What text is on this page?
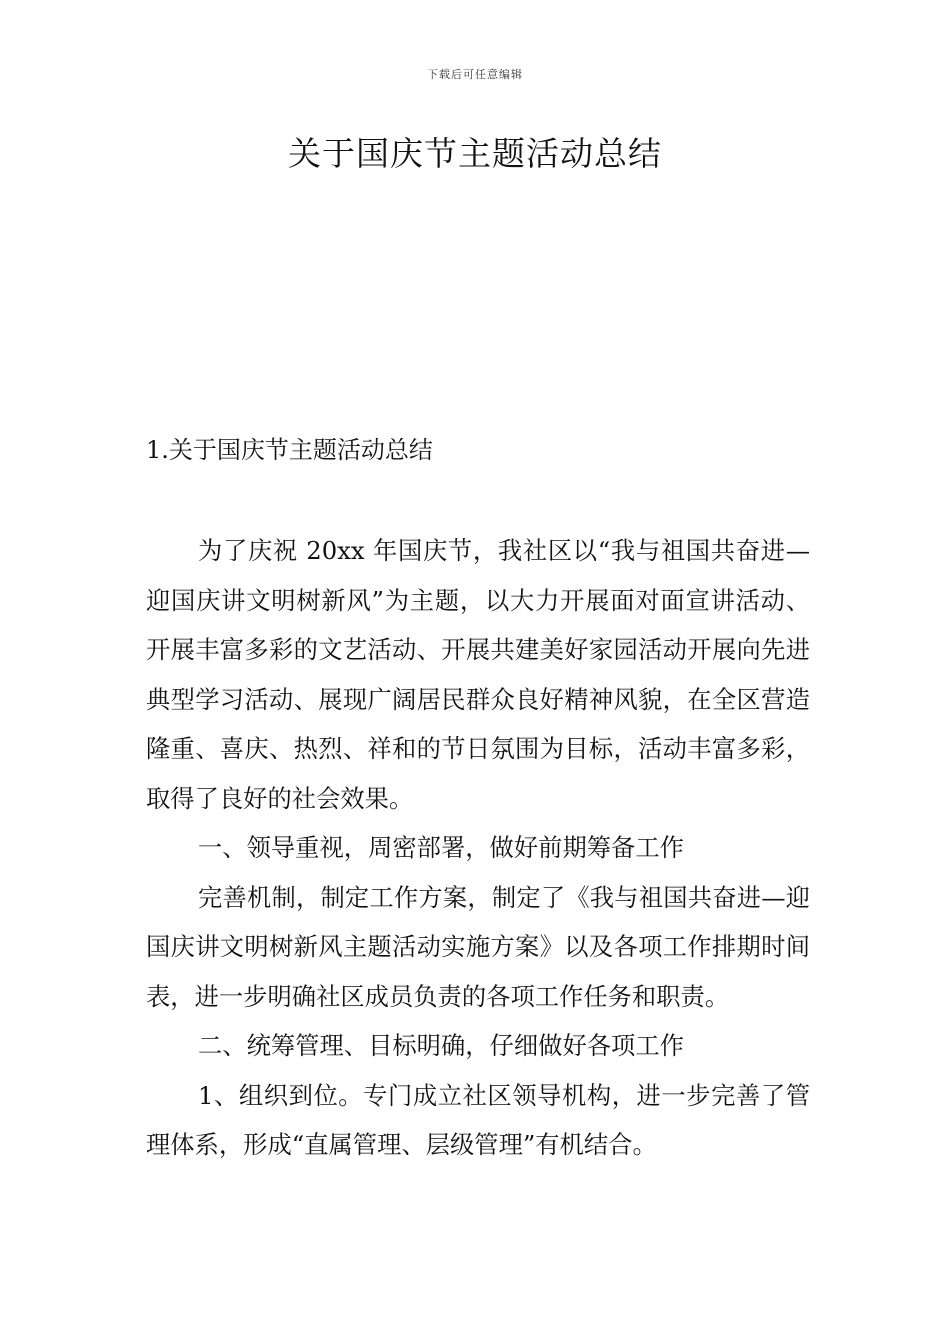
下载后可任意编辑
关于国庆节主题活动总结
1.关于国庆节主题活动总结

为了庆祝 20xx 年国庆节，我社区以“我与祖国共奋进—迎国庆讲文明树新风”为主题，以大力开展面对面宣讲活动、开展丰富多彩的文艺活动、开展共建美好家园活动开展向先进典型学习活动、展现广阔居民群众良好精神风貌，在全区营造隆重、喜庆、热烈、祥和的节日氛围为目标，活动丰富多彩，取得了良好的社会效果。

一、领导重视，周密部署，做好前期筹备工作

完善机制，制定工作方案，制定了《我与祖国共奋进—迎国庆讲文明树新风主题活动实施方案》以及各项工作排期时间表，进一步明确社区成员负责的各项工作任务和职责。

二、统筹管理、目标明确，仔细做好各项工作

1、组织到位。专门成立社区领导机构，进一步完善了管理体系，形成“直属管理、层级管理”有机结合。
